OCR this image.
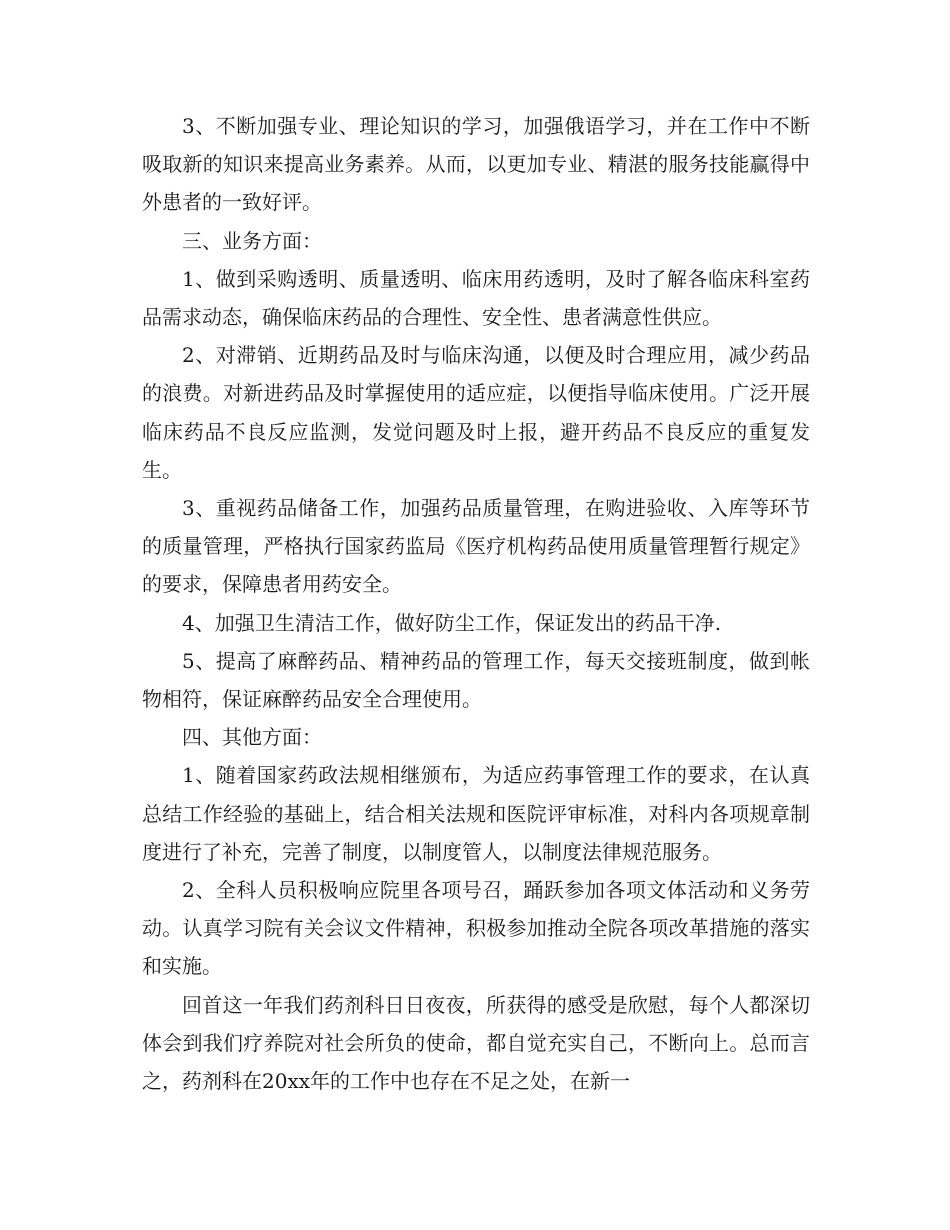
3、不断加强专业、理论知识的学习，加强俄语学习，并在工作中不断吸取新的知识来提高业务素养。从而，以更加专业、精湛的服务技能赢得中外患者的一致好评。

三、业务方面：

1、做到采购透明、质量透明、临床用药透明，及时了解各临床科室药品需求动态，确保临床药品的合理性、安全性、患者满意性供应。

2、对滞销、近期药品及时与临床沟通，以便及时合理应用，减少药品的浪费。对新进药品及时掌握使用的适应症，以便指导临床使用。广泛开展临床药品不良反应监测，发觉问题及时上报，避开药品不良反应的重复发生。

3、重视药品储备工作，加强药品质量管理，在购进验收、入库等环节的质量管理，严格执行国家药监局《医疗机构药品使用质量管理暂行规定》的要求，保障患者用药安全。

4、加强卫生清洁工作，做好防尘工作，保证发出的药品干净.

5、提高了麻醉药品、精神药品的管理工作，每天交接班制度，做到帐物相符，保证麻醉药品安全合理使用。

四、其他方面：

1、随着国家药政法规相继颁布，为适应药事管理工作的要求，在认真总结工作经验的基础上，结合相关法规和医院评审标准，对科内各项规章制度进行了补充，完善了制度，以制度管人，以制度法律规范服务。

2、全科人员积极响应院里各项号召，踊跃参加各项文体活动和义务劳动。认真学习院有关会议文件精神，积极参加推动全院各项改革措施的落实和实施。

回首这一年我们药剂科日日夜夜，所获得的感受是欣慰，每个人都深切体会到我们疗养院对社会所负的使命，都自觉充实自己，不断向上。总而言之，药剂科在20xx年的工作中也存在不足之处，在新一
